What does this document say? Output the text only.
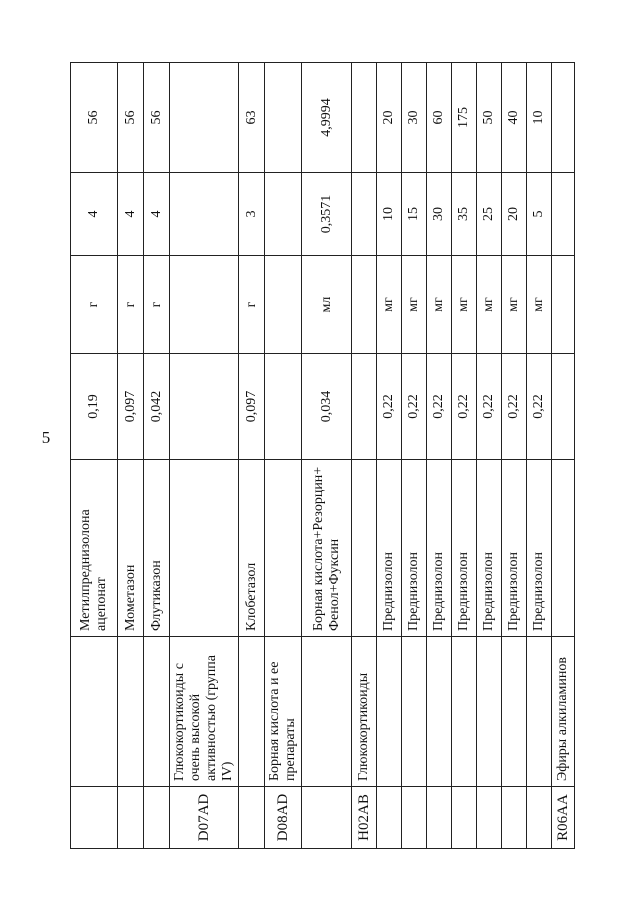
5
		Метилпреднизолона ацепонат	0,19	г	4	56
		Мометазон	0,097	г	4	56
		Флутиказон	0,042	г	4	56
D07AD	Глюкокортикоиды с очень высокой активностью (группа IV)					
		Клобетазол	0,097	г	3	63
D08AD	Борная кислота и ее препараты					
		Борная кислота+Резорцин+ Фенол+Фуксин	0,034	мл	0,3571	4,9994
H02AB	Глюкокортикоиды					
		Преднизолон	0,22	мг	10	20
		Преднизолон	0,22	мг	15	30
		Преднизолон	0,22	мг	30	60
		Преднизолон	0,22	мг	35	175
		Преднизолон	0,22	мг	25	50
		Преднизолон	0,22	мг	20	40
		Преднизолон	0,22	мг	5	10
R06AA	Эфиры алкиламинов					
